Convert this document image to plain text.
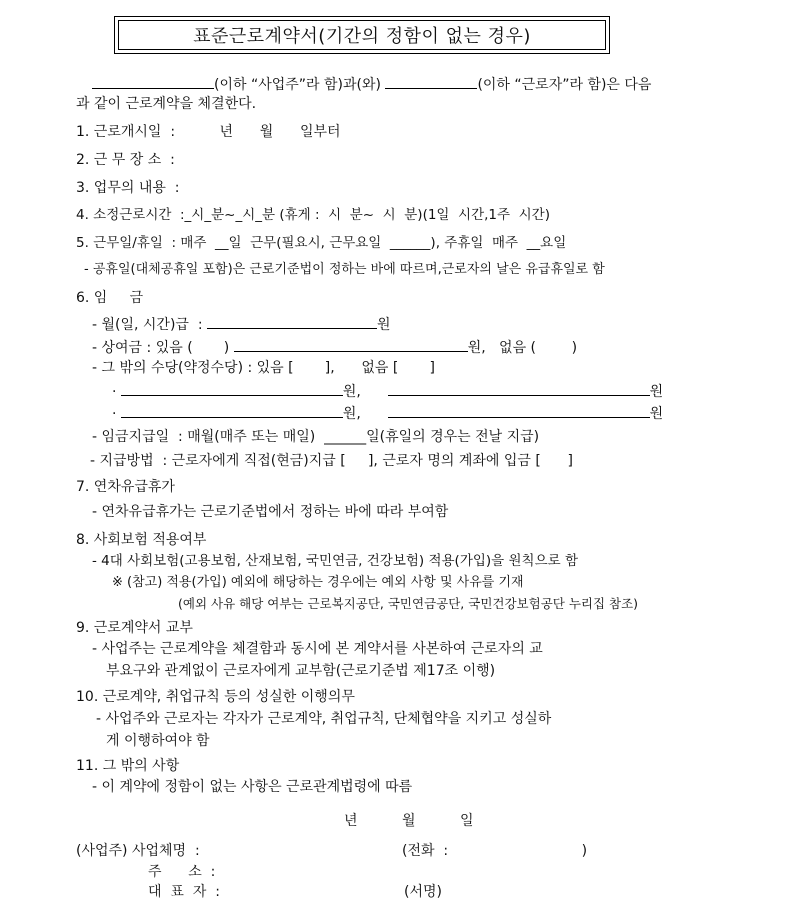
표준근로계약서(기간의 정함이 없는 경우)
(이하 “사업주”라 함)과(와)	(이하 “근로자”라 함)은 다음
과 같이 근로계약을 체결한다.
1. 근로개시일  :          년      월      일부터
2. 근 무 장 소  :
3. 업무의 내용  :
4. 소정근로시간  :_시_분~_시_분 (휴게 :  시  분~  시  분)(1일  시간,1주  시간)
5. 근무일/휴일  : 매주  __일  근무(필요시, 근무요일  ______), 주휴일  매주  __요일
- 공휴일(대체공휴일 포함)은 근로기준법이 정하는 바에 따르며,근로자의 날은 유급휴일로 함
6. 임     금
- 월(일, 시간)급  :	원
- 상여금 : 있음 (       )	원,   없음 (        )
- 그 밖의 수당(약정수당) : 있음 [       ],      없음 [       ]
·	원,	원
·	원,	원
- 임금지급일  : 매월(매주 또는 매일)  ______일(휴일의 경우는 전날 지급)
- 지급방법  : 근로자에게 직접(현금)지급 [     ], 근로자 명의 계좌에 입금 [      ]
7. 연차유급휴가
- 연차유급휴가는 근로기준법에서 정하는 바에 따라 부여함
8. 사회보험 적용여부
- 4대 사회보험(고용보험, 산재보험, 국민연금, 건강보험) 적용(가입)을 원칙으로 함
※ (참고) 적용(가입) 예외에 해당하는 경우에는 예외 사항 및 사유를 기재
(예외 사유 해당 여부는 근로복지공단, 국민연금공단, 국민건강보험공단 누리집 참조)
9. 근로계약서 교부
- 사업주는 근로계약을 체결함과 동시에 본 계약서를 사본하여 근로자의 교
부요구와 관계없이 근로자에게 교부함(근로기준법 제17조 이행)
10. 근로계약, 취업규칙 등의 성실한 이행의무
- 사업주와 근로자는 각자가 근로계약, 취업규칙, 단체협약을 지키고 성실하
게 이행하여야 함
11. 그 밖의 사항
- 이 계약에 정함이 없는 사항은 근로관계법령에 따름
년          월          일
(사업주) 사업체명  :	(전화  :                              )
주      소  :
대  표  자  :	(서명)
